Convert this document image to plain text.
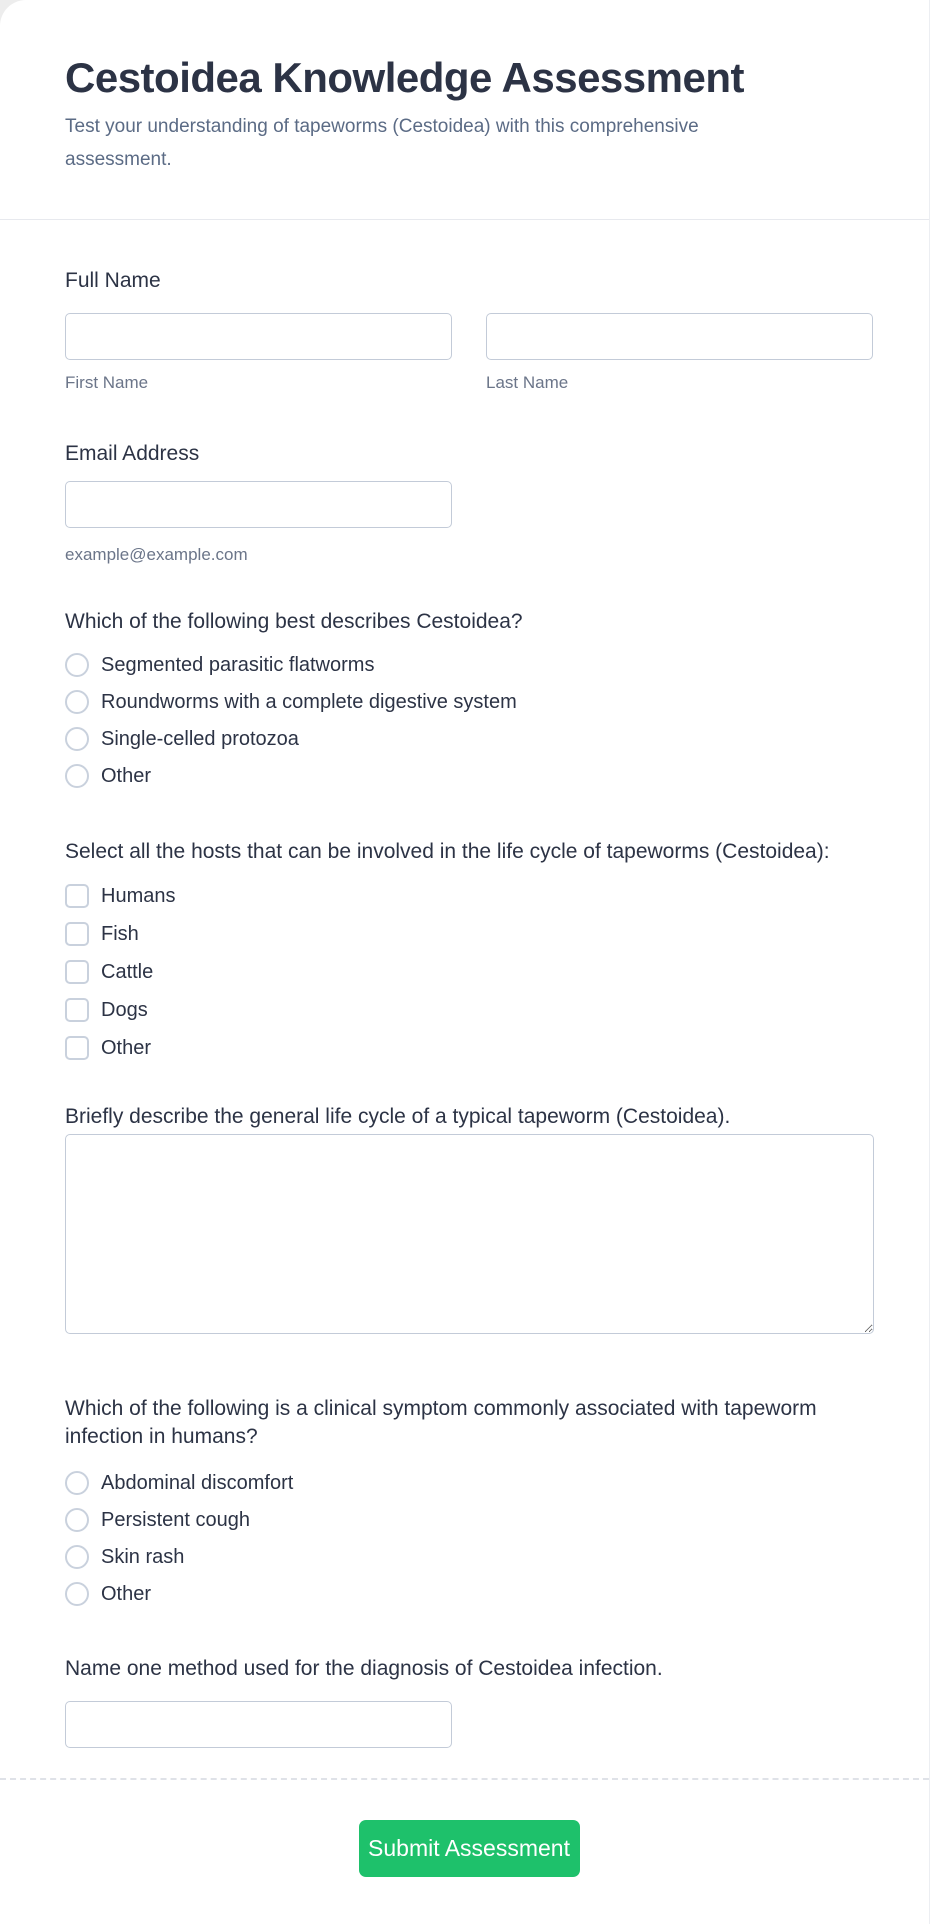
Cestoidea Knowledge Assessment
Test your understanding of tapeworms (Cestoidea) with this comprehensive assessment.
Full Name
First Name	Last Name
Email Address
example@example.com
Which of the following best describes Cestoidea?
Segmented parasitic flatworms
Roundworms with a complete digestive system
Single-celled protozoa
Other
Select all the hosts that can be involved in the life cycle of tapeworms (Cestoidea):
Humans
Fish
Cattle
Dogs
Other
Briefly describe the general life cycle of a typical tapeworm (Cestoidea).
Which of the following is a clinical symptom commonly associated with tapeworm infection in humans?
Abdominal discomfort
Persistent cough
Skin rash
Other
Name one method used for the diagnosis of Cestoidea infection.
Submit Assessment
